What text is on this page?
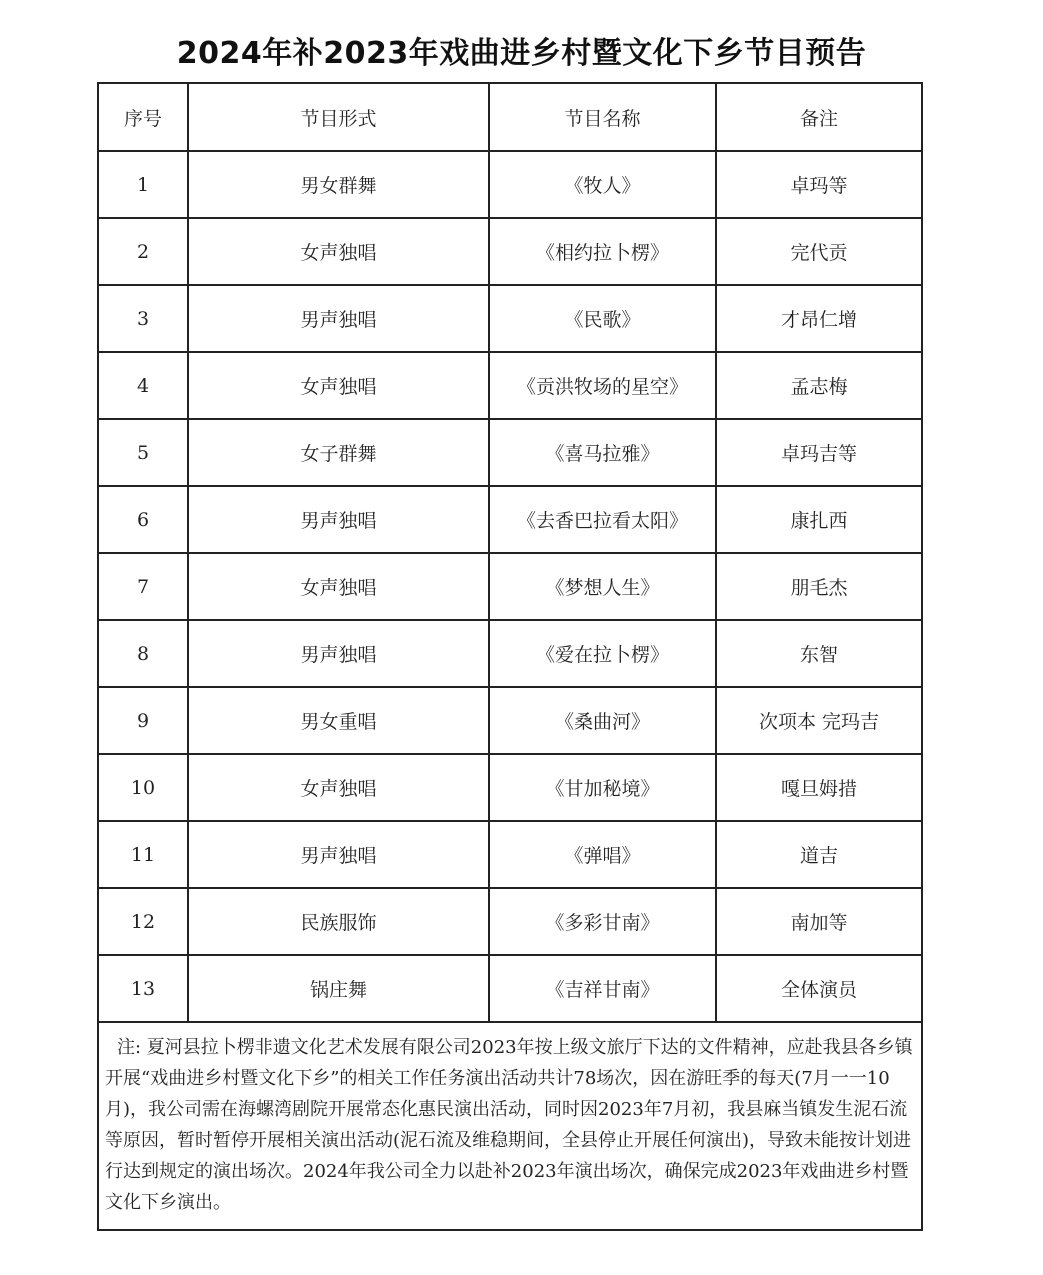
2024年补2023年戏曲进乡村暨文化下乡节目预告
序号	节目形式	节目名称	备注
1	男女群舞	《牧人》	卓玛等
2	女声独唱	《相约拉卜楞》	完代贡
3	男声独唱	《民歌》	才昂仁增
4	女声独唱	《贡洪牧场的星空》	孟志梅
5	女子群舞	《喜马拉雅》	卓玛吉等
6	男声独唱	《去香巴拉看太阳》	康扎西
7	女声独唱	《梦想人生》	朋毛杰
8	男声独唱	《爱在拉卜楞》	东智
9	男女重唱	《桑曲河》	次项本 完玛吉
10	女声独唱	《甘加秘境》	嘎旦姆措
11	男声独唱	《弹唱》	道吉
12	民族服饰	《多彩甘南》	南加等
13	锅庄舞	《吉祥甘南》	全体演员
注: 夏河县拉卜楞非遗文化艺术发展有限公司2023年按上级文旅厅下达的文件精神，应赴我县各乡镇开展“戏曲进乡村暨文化下乡”的相关工作任务演出活动共计78场次，因在游旺季的每天(7月一一10月)，我公司需在海螺湾剧院开展常态化惠民演出活动，同时因2023年7月初，我县麻当镇发生泥石流等原因，暂时暂停开展相关演出活动(泥石流及维稳期间，全县停止开展任何演出)，导致未能按计划进行达到规定的演出场次。2024年我公司全力以赴补2023年演出场次，确保完成2023年戏曲进乡村暨文化下乡演出。			
